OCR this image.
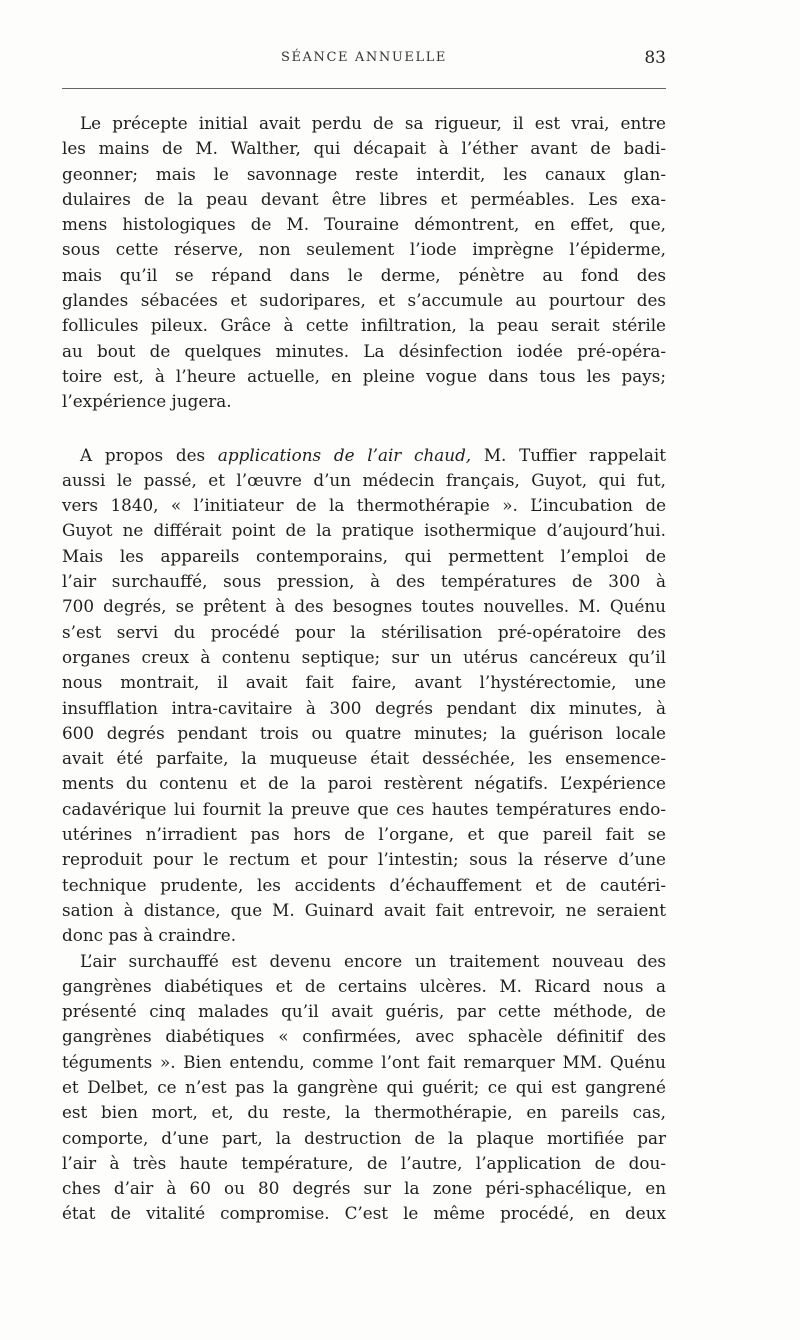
SÉANCE ANNUELLE	83

Le précepte initial avait perdu de sa rigueur, il est vrai, entre

les mains de M. Walther, qui décapait à l’éther avant de badi-

geonner; mais le savonnage reste interdit, les canaux glan-

dulaires de la peau devant être libres et perméables. Les exa-

mens histologiques de M. Touraine démontrent, en effet, que,

sous cette réserve, non seulement l’iode imprègne l’épiderme,

mais qu’il se répand dans le derme, pénètre au fond des

glandes sébacées et sudoripares, et s’accumule au pourtour des

follicules pileux. Grâce à cette infiltration, la peau serait stérile

au bout de quelques minutes. La désinfection iodée pré-opéra-

toire est, à l’heure actuelle, en pleine vogue dans tous les pays;

l’expérience jugera.

A propos des applications de l’air chaud, M. Tuffier rappelait

aussi le passé, et l’œuvre d’un médecin français, Guyot, qui fut,

vers 1840, « l’initiateur de la thermothérapie ». L’incubation de

Guyot ne différait point de la pratique isothermique d’aujourd’hui.

Mais les appareils contemporains, qui permettent l’emploi de

l’air surchauffé, sous pression, à des températures de 300 à

700 degrés, se prêtent à des besognes toutes nouvelles. M. Quénu

s’est servi du procédé pour la stérilisation pré-opératoire des

organes creux à contenu septique; sur un utérus cancéreux qu’il

nous montrait, il avait fait faire, avant l’hystérectomie, une

insufflation intra-cavitaire à 300 degrés pendant dix minutes, à

600 degrés pendant trois ou quatre minutes; la guérison locale

avait été parfaite, la muqueuse était desséchée, les ensemence-

ments du contenu et de la paroi restèrent négatifs. L’expérience

cadavérique lui fournit la preuve que ces hautes températures endo-

utérines n’irradient pas hors de l’organe, et que pareil fait se

reproduit pour le rectum et pour l’intestin; sous la réserve d’une

technique prudente, les accidents d’échauffement et de cautéri-

sation à distance, que M. Guinard avait fait entrevoir, ne seraient

donc pas à craindre.

L’air surchauffé est devenu encore un traitement nouveau des

gangrènes diabétiques et de certains ulcères. M. Ricard nous a

présenté cinq malades qu’il avait guéris, par cette méthode, de

gangrènes diabétiques « confirmées, avec sphacèle définitif des

téguments ». Bien entendu, comme l’ont fait remarquer MM. Quénu

et Delbet, ce n’est pas la gangrène qui guérit; ce qui est gangrené

est bien mort, et, du reste, la thermothérapie, en pareils cas,

comporte, d’une part, la destruction de la plaque mortifiée par

l’air à très haute température, de l’autre, l’application de dou-

ches d’air à 60 ou 80 degrés sur la zone péri-sphacélique, en

état de vitalité compromise. C’est le même procédé, en deux
